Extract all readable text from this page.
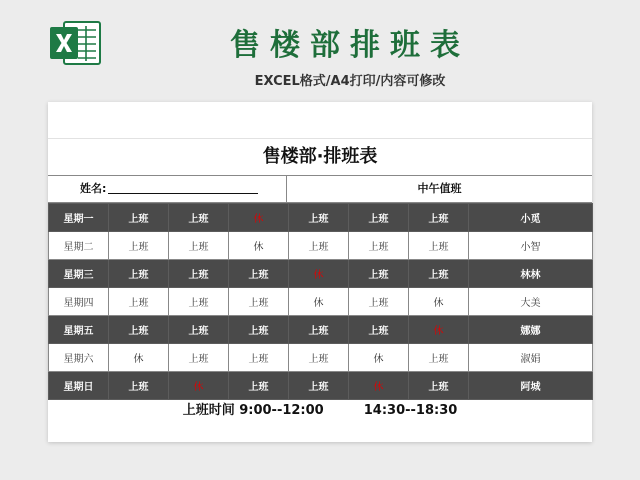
售楼部排班表
EXCEL格式/A4打印/内容可修改
售楼部·排班表
姓名:	中午值班
星期一	上班	上班	休	上班	上班	上班	小觅
星期二	上班	上班	休	上班	上班	上班	小智
星期三	上班	上班	上班	休	上班	上班	林林
星期四	上班	上班	上班	休	上班	休	大美
星期五	上班	上班	上班	上班	上班	休	娜娜
星期六	休	上班	上班	上班	休	上班	淑娟
星期日	上班	休	上班	上班	休	上班	阿城
上班时间 9:00--12:00	14:30--18:30
